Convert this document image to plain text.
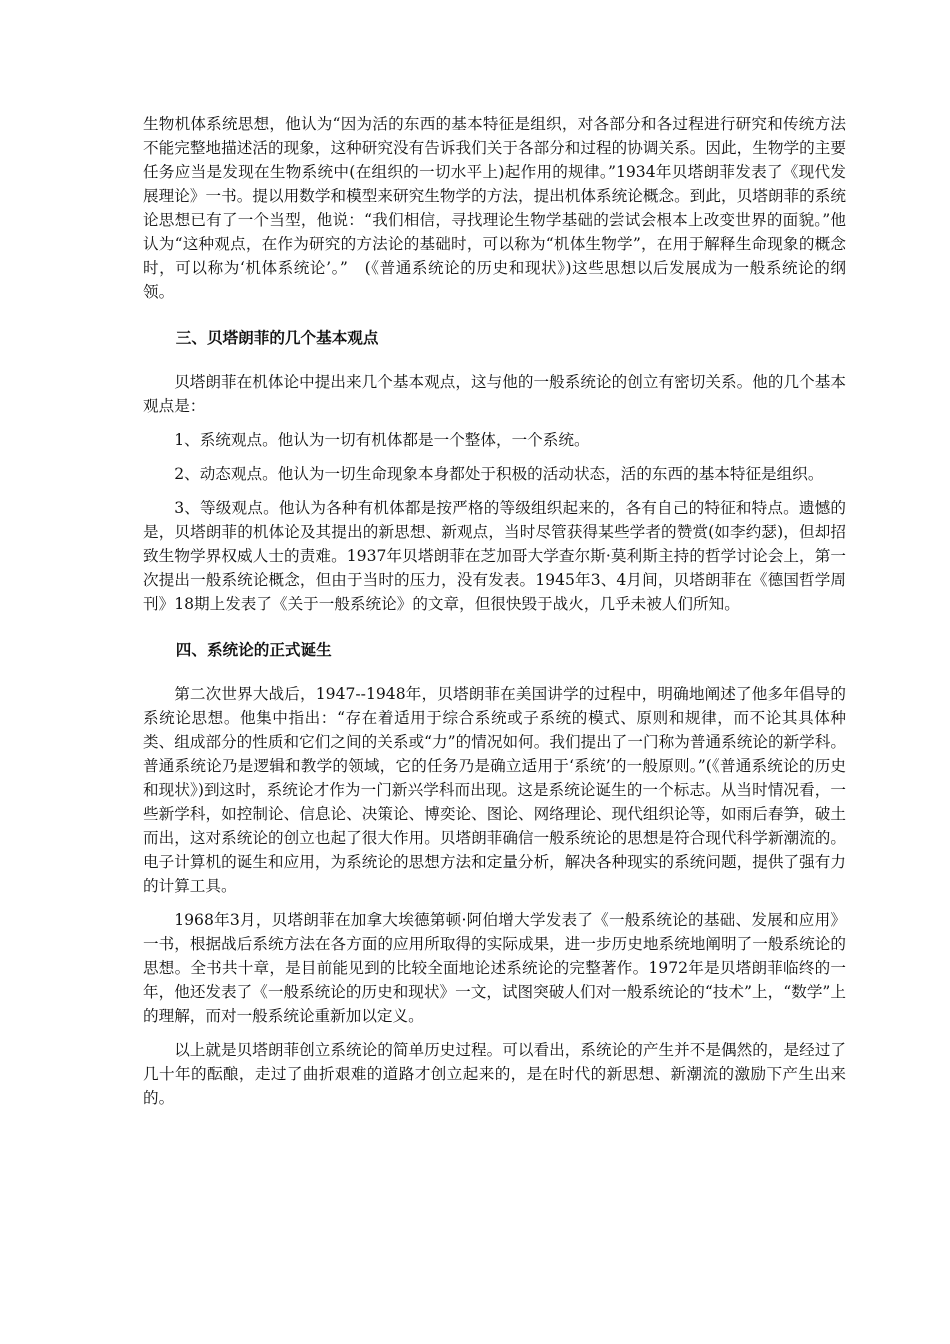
生物机体系统思想，他认为“因为活的东西的基本特征是组织，对各部分和各过程进行研究和传统方法不能完整地描述活的现象，这种研究没有告诉我们关于各部分和过程的协调关系。因此，生物学的主要任务应当是发现在生物系统中(在组织的一切水平上)起作用的规律。”1934年贝塔朗菲发表了《现代发展理论》一书。提以用数学和模型来研究生物学的方法，提出机体系统论概念。到此，贝塔朗菲的系统论思想已有了一个当型，他说：“我们相信，寻找理论生物学基础的尝试会根本上改变世界的面貌。”他认为“这种观点，在作为研究的方法论的基础时，可以称为“机体生物学”，在用于解释生命现象的概念时，可以称为‘机体系统论’。”　(《普通系统论的历史和现状》)这些思想以后发展成为一般系统论的纲领。

三、贝塔朗菲的几个基本观点

贝塔朗菲在机体论中提出来几个基本观点，这与他的一般系统论的创立有密切关系。他的几个基本观点是：

1、系统观点。他认为一切有机体都是一个整体，一个系统。

2、动态观点。他认为一切生命现象本身都处于积极的活动状态，活的东西的基本特征是组织。

3、等级观点。他认为各种有机体都是按严格的等级组织起来的，各有自己的特征和特点。遗憾的是，贝塔朗菲的机体论及其提出的新思想、新观点，当时尽管获得某些学者的赞赏(如李约瑟)，但却招致生物学界权威人士的责难。1937年贝塔朗菲在芝加哥大学查尔斯·莫利斯主持的哲学讨论会上，第一次提出一般系统论概念，但由于当时的压力，没有发表。1945年3、4月间，贝塔朗菲在《德国哲学周刊》18期上发表了《关于一般系统论》的文章，但很快毁于战火，几乎未被人们所知。

四、系统论的正式诞生

第二次世界大战后，1947--1948年，贝塔朗菲在美国讲学的过程中，明确地阐述了他多年倡导的系统论思想。他集中指出：“存在着适用于综合系统或子系统的模式、原则和规律，而不论其具体种类、组成部分的性质和它们之间的关系或“力”的情况如何。我们提出了一门称为普通系统论的新学科。普通系统论乃是逻辑和教学的领域，它的任务乃是确立适用于‘系统’的一般原则。”(《普通系统论的历史和现状》)到这时，系统论才作为一门新兴学科而出现。这是系统论诞生的一个标志。从当时情况看，一些新学科，如控制论、信息论、决策论、博奕论、图论、网络理论、现代组织论等，如雨后春笋，破土而出，这对系统论的创立也起了很大作用。贝塔朗菲确信一般系统论的思想是符合现代科学新潮流的。电子计算机的诞生和应用，为系统论的思想方法和定量分析，解决各种现实的系统问题，提供了强有力的计算工具。

1968年3月，贝塔朗菲在加拿大埃德第顿·阿伯增大学发表了《一般系统论的基础、发展和应用》一书，根据战后系统方法在各方面的应用所取得的实际成果，进一步历史地系统地阐明了一般系统论的思想。全书共十章，是目前能见到的比较全面地论述系统论的完整著作。1972年是贝塔朗菲临终的一年，他还发表了《一般系统论的历史和现状》一文，试图突破人们对一般系统论的“技术”上，“数学”上的理解，而对一般系统论重新加以定义。

以上就是贝塔朗菲创立系统论的简单历史过程。可以看出，系统论的产生并不是偶然的，是经过了几十年的酝酿，走过了曲折艰难的道路才创立起来的，是在时代的新思想、新潮流的激励下产生出来的。
